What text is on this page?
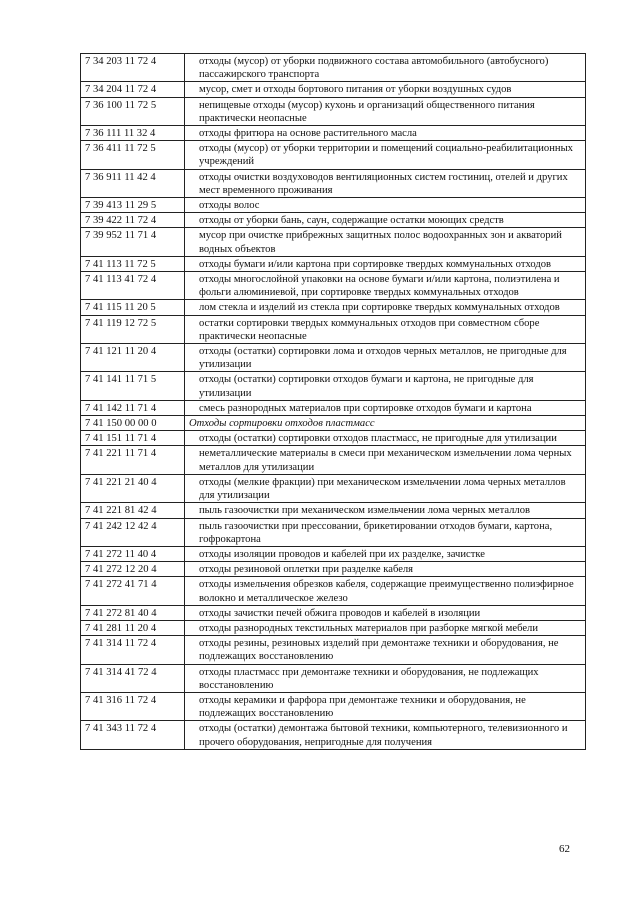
7 34 203 11 72 4	отходы (мусор) от уборки подвижного состава автомобильного (автобусного) пассажирского транспорта
7 34 204 11 72 4	мусор, смет и отходы бортового питания от уборки воздушных судов
7 36 100 11 72 5	непищевые отходы (мусор) кухонь и организаций общественного питания практически неопасные
7 36 111 11 32 4	отходы фритюра на основе растительного масла
7 36 411 11 72 5	отходы (мусор) от уборки территории и помещений социально-реабилитационных учреждений
7 36 911 11 42 4	отходы очистки воздуховодов вентиляционных систем гостиниц, отелей и других мест временного проживания
7 39 413 11 29 5	отходы волос
7 39 422 11 72 4	отходы от уборки бань, саун, содержащие остатки моющих средств
7 39 952 11 71 4	мусор при очистке прибрежных защитных полос водоохранных зон и акваторий водных объектов
7 41 113 11 72 5	отходы бумаги и/или картона при сортировке твердых коммунальных отходов
7 41 113 41 72 4	отходы многослойной упаковки на основе бумаги и/или картона, полиэтилена и фольги алюминиевой, при сортировке твердых коммунальных отходов
7 41 115 11 20 5	лом стекла и изделий из стекла при сортировке твердых коммунальных отходов
7 41 119 12 72 5	остатки сортировки твердых коммунальных отходов при совместном сборе практически неопасные
7 41 121 11 20 4	отходы (остатки) сортировки лома и отходов черных металлов, не пригодные для утилизации
7 41 141 11 71 5	отходы (остатки) сортировки отходов бумаги и картона, не пригодные для утилизации
7 41 142 11 71 4	смесь разнородных материалов при сортировке отходов бумаги и картона
7 41 150 00 00 0	Отходы сортировки отходов пластмасс
7 41 151 11 71 4	отходы (остатки) сортировки отходов пластмасс, не пригодные для утилизации
7 41 221 11 71 4	неметаллические материалы в смеси при механическом измельчении лома черных металлов для утилизации
7 41 221 21 40 4	отходы (мелкие фракции) при механическом измельчении лома черных металлов для утилизации
7 41 221 81 42 4	пыль газоочистки при механическом измельчении лома черных металлов
7 41 242 12 42 4	пыль газоочистки при прессовании, брикетировании отходов бумаги, картона, гофрокартона
7 41 272 11 40 4	отходы изоляции проводов и кабелей при их разделке, зачистке
7 41 272 12 20 4	отходы резиновой оплетки при разделке кабеля
7 41 272 41 71 4	отходы измельчения обрезков кабеля, содержащие преимущественно полиэфирное волокно и металлическое железо
7 41 272 81 40 4	отходы зачистки печей обжига проводов и кабелей в изоляции
7 41 281 11 20 4	отходы разнородных текстильных материалов при разборке мягкой мебели
7 41 314 11 72 4	отходы резины, резиновых изделий при демонтаже техники и оборудования, не подлежащих восстановлению
7 41 314 41 72 4	отходы пластмасс при демонтаже техники и оборудования, не подлежащих восстановлению
7 41 316 11 72 4	отходы керамики и фарфора при демонтаже техники и оборудования, не подлежащих восстановлению
7 41 343 11 72 4	отходы (остатки) демонтажа бытовой техники, компьютерного, телевизионного и прочего оборудования, непригодные для получения
62
